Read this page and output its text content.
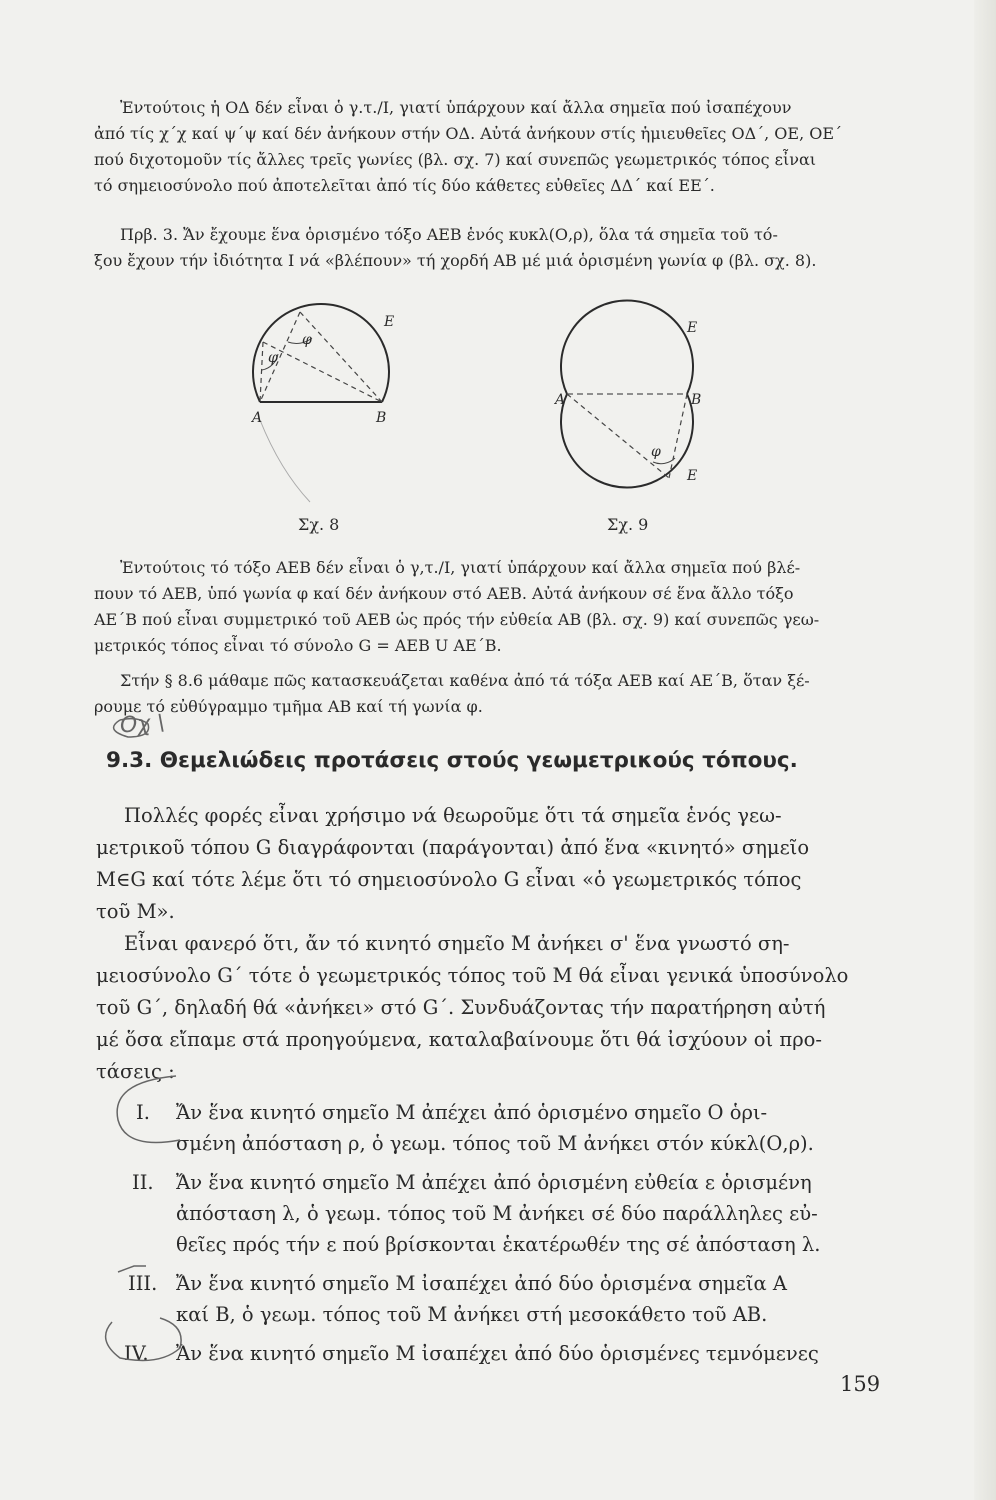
Ἐντούτοις ἡ ΟΔ δέν εἶναι ὁ γ.τ./Ι, γιατί ὑπάρχουν καί ἄλλα σημεῖα πού ἰσαπέχουν
ἀπό τίς χ΄χ καί ψ΄ψ καί δέν ἀνήκουν στήν ΟΔ. Αὐτά ἀνήκουν στίς ἡμιευθεῖες ΟΔ΄, ΟΕ, ΟΕ΄
πού διχοτομοῦν τίς ἄλλες τρεῖς γωνίες (βλ. σχ. 7) καί συνεπῶς γεωμετρικός τόπος εἶναι
τό σημειοσύνολο πού ἀποτελεῖται ἀπό τίς δύο κάθετες εὐθεῖες ΔΔ΄ καί ΕΕ΄.
Πρβ. 3. Ἄν ἔχουμε ἕνα ὁρισμένο τόξο ΑΕΒ ἑνός κυκλ(Ο,ρ), ὅλα τά σημεῖα τοῦ τό-
ξου ἔχουν τήν ἰδιότητα Ι νά «βλέπουν» τή χορδή ΑΒ μέ μιά ὁρισμένη γωνία φ (βλ. σχ. 8).
φ
φ
E
A	B
Σχ. 8
E
A	B
φ
E
Σχ. 9
Ἐντούτοις τό τόξο ΑΕΒ δέν εἶναι ὁ γ,τ./Ι, γιατί ὑπάρχουν καί ἄλλα σημεῖα πού βλέ-
πουν τό ΑΕΒ, ὑπό γωνία φ καί δέν ἀνήκουν στό ΑΕΒ. Αὐτά ἀνήκουν σέ ἕνα ἄλλο τόξο
ΑΕ΄Β πού εἶναι συμμετρικό τοῦ ΑΕΒ ὡς πρός τήν εὐθεία ΑΒ (βλ. σχ. 9) καί συνεπῶς γεω-
μετρικός τόπος εἶναι τό σύνολο G = ΑΕΒ U ΑΕ΄Β.
Στήν § 8.6 μάθαμε πῶς κατασκευάζεται καθένα ἀπό τά τόξα ΑΕΒ καί ΑΕ΄Β, ὅταν ξέ-
ρουμε τό εὐθύγραμμο τμῆμα ΑΒ καί τή γωνία φ.
Οχ \
9.3. Θεμελιώδεις προτάσεις στούς γεωμετρικούς τόπους.
Πολλές φορές εἶναι χρήσιμο νά θεωροῦμε ὅτι τά σημεῖα ἑνός γεω-
μετρικοῦ τόπου G διαγράφονται (παράγονται) ἀπό ἕνα «κινητό» σημεῖο
Μ∈G καί τότε λέμε ὅτι τό σημειοσύνολο G εἶναι «ὁ γεωμετρικός τόπος
τοῦ Μ».
Εἶναι φανερό ὅτι, ἄν τό κινητό σημεῖο Μ ἀνήκει σ' ἕνα γνωστό ση-
μειοσύνολο G΄ τότε ὁ γεωμετρικός τόπος τοῦ Μ θά εἶναι γενικά ὑποσύνολο
τοῦ G΄, δηλαδή θά «ἀνήκει» στό G΄. Συνδυάζοντας τήν παρατήρηση αὐτή
μέ ὅσα εἴπαμε στά προηγούμενα, καταλαβαίνουμε ὅτι θά ἰσχύουν οἱ προ-
τάσεις :
Ι. Ἄν ἕνα κινητό σημεῖο Μ ἀπέχει ἀπό ὁρισμένο σημεῖο Ο ὁρι-
σμένη ἀπόσταση ρ, ὁ γεωμ. τόπος τοῦ Μ ἀνήκει στόν κύκλ(Ο,ρ).
ΙΙ. Ἄν ἕνα κινητό σημεῖο Μ ἀπέχει ἀπό ὁρισμένη εὐθεία ε ὁρισμένη
ἀπόσταση λ, ὁ γεωμ. τόπος τοῦ Μ ἀνήκει σέ δύο παράλληλες εὐ-
θεῖες πρός τήν ε πού βρίσκονται ἑκατέρωθέν της σέ ἀπόσταση λ.
ΙΙΙ. Ἄν ἕνα κινητό σημεῖο Μ ἰσαπέχει ἀπό δύο ὁρισμένα σημεῖα Α
καί Β, ὁ γεωμ. τόπος τοῦ Μ ἀνήκει στή μεσοκάθετο τοῦ ΑΒ.
ΙV. Ἄν ἕνα κινητό σημεῖο Μ ἰσαπέχει ἀπό δύο ὁρισμένες τεμνόμενες
159
